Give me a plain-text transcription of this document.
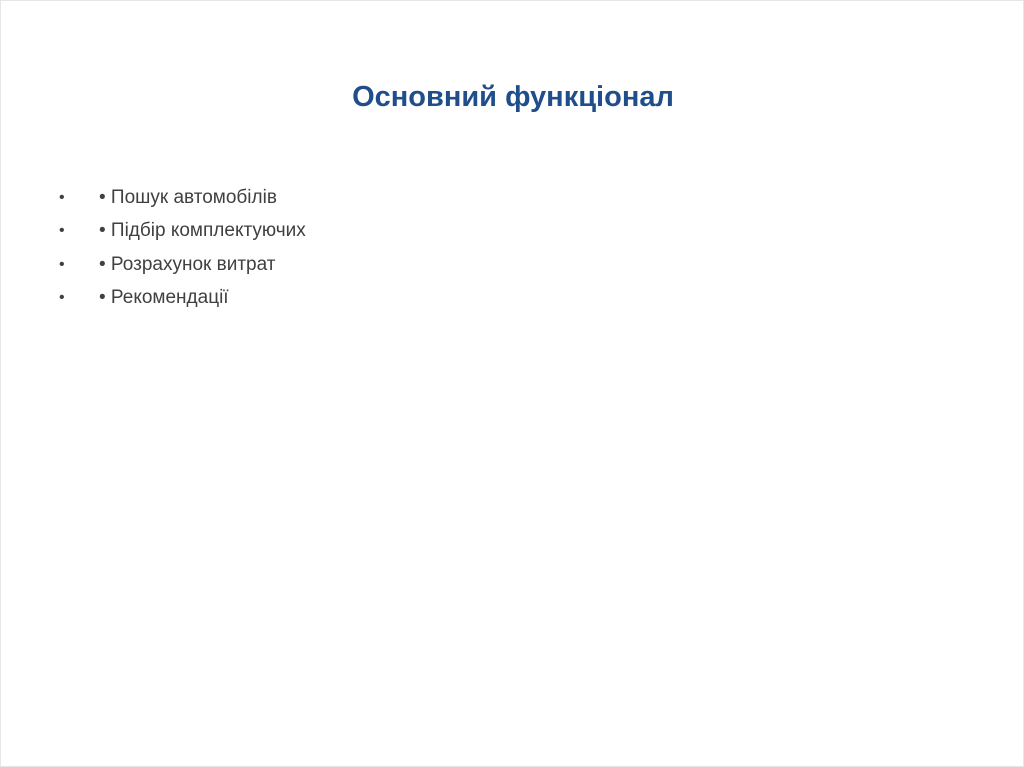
Основний функціонал
•	• Пошук автомобілів
•	• Підбір комплектуючих
•	• Розрахунок витрат
•	• Рекомендації
